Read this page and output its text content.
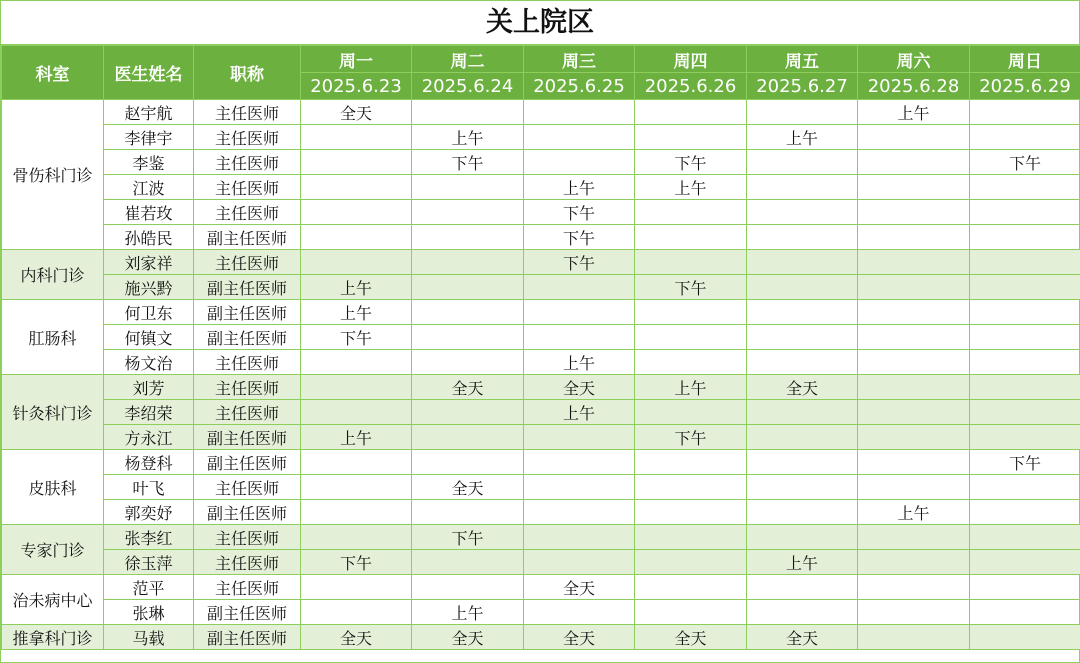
关上院区
科室	医生姓名	职称	周一	周二	周三	周四	周五	周六	周日
			2025.6.23	2025.6.24	2025.6.25	2025.6.26	2025.6.27	2025.6.28	2025.6.29
骨伤科门诊	赵宇航	主任医师	全天					上午	
	李律宇	主任医师		上午			上午		
	李鉴	主任医师		下午		下午			下午
	江波	主任医师			上午	上午			
	崔若玫	主任医师			下午				
	孙皓民	副主任医师			下午				
内科门诊	刘家祥	主任医师			下午				
	施兴黔	副主任医师	上午			下午			
肛肠科	何卫东	副主任医师	上午						
	何镇文	副主任医师	下午						
	杨文治	主任医师			上午				
针灸科门诊	刘芳	主任医师		全天	全天	上午	全天		
	李绍荣	主任医师			上午				
	方永江	副主任医师	上午			下午			
皮肤科	杨登科	副主任医师							下午
	叶飞	主任医师		全天					
	郭奕妤	副主任医师						上午	
专家门诊	张李红	主任医师		下午					
	徐玉萍	主任医师	下午				上午		
治未病中心	范平	主任医师			全天				
	张琳	副主任医师		上午					
推拿科门诊	马载	副主任医师	全天	全天	全天	全天	全天		
